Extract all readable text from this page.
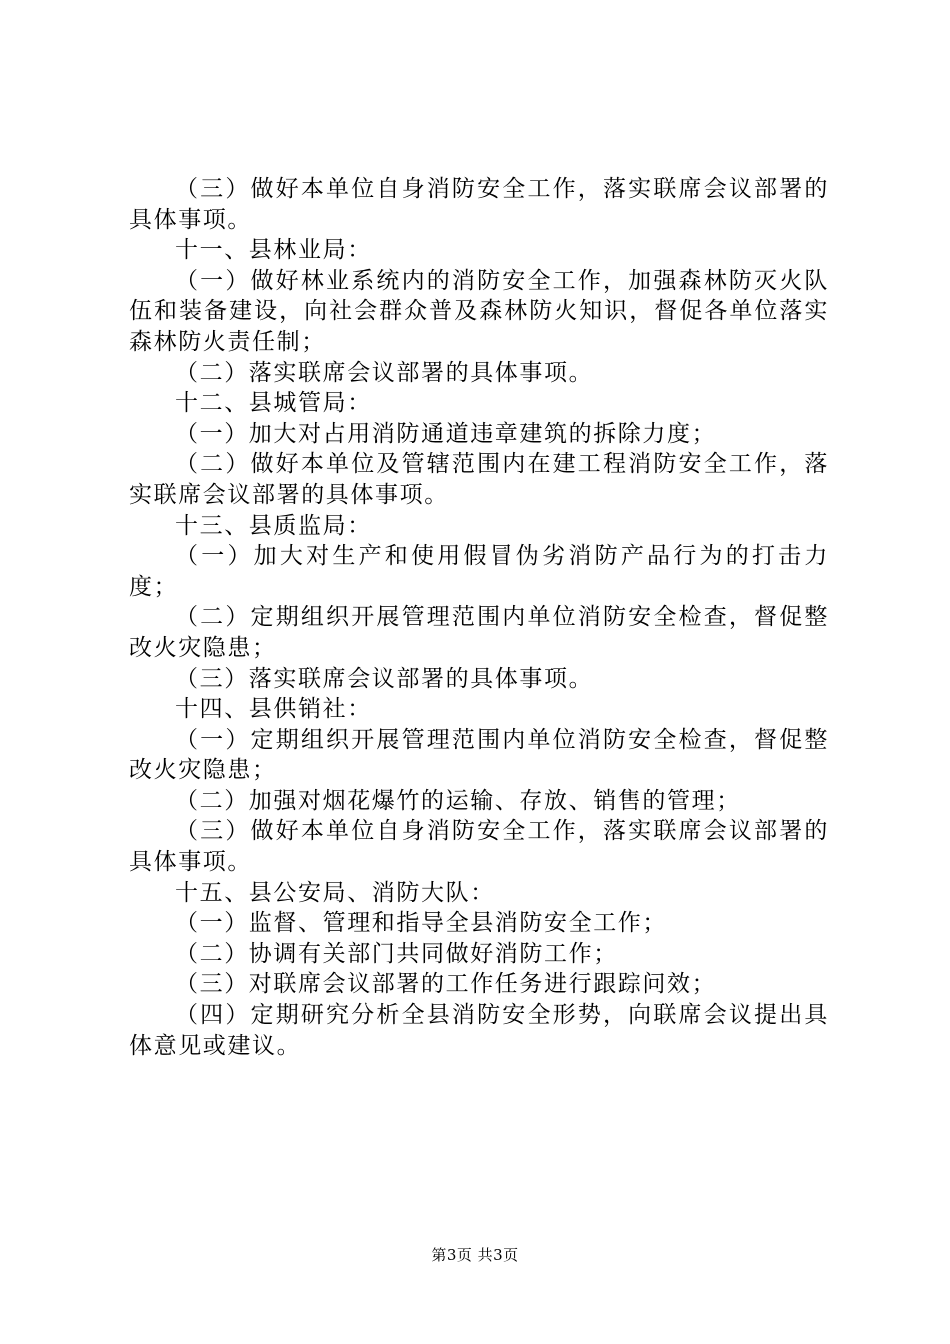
（三）做好本单位自身消防安全工作，落实联席会议部署的具体事项。

十一、县林业局：

（一）做好林业系统内的消防安全工作，加强森林防灭火队伍和装备建设，向社会群众普及森林防火知识，督促各单位落实森林防火责任制；

（二）落实联席会议部署的具体事项。

十二、县城管局：

（一）加大对占用消防通道违章建筑的拆除力度；

（二）做好本单位及管辖范围内在建工程消防安全工作，落实联席会议部署的具体事项。

十三、县质监局：

（一）加大对生产和使用假冒伪劣消防产品行为的打击力度；

（二）定期组织开展管理范围内单位消防安全检查，督促整改火灾隐患；

（三）落实联席会议部署的具体事项。

十四、县供销社：

（一）定期组织开展管理范围内单位消防安全检查，督促整改火灾隐患；

（二）加强对烟花爆竹的运输、存放、销售的管理；

（三）做好本单位自身消防安全工作，落实联席会议部署的具体事项。

十五、县公安局、消防大队：

（一）监督、管理和指导全县消防安全工作；

（二）协调有关部门共同做好消防工作；

（三）对联席会议部署的工作任务进行跟踪问效；

（四）定期研究分析全县消防安全形势，向联席会议提出具体意见或建议。

第3页 共3页
